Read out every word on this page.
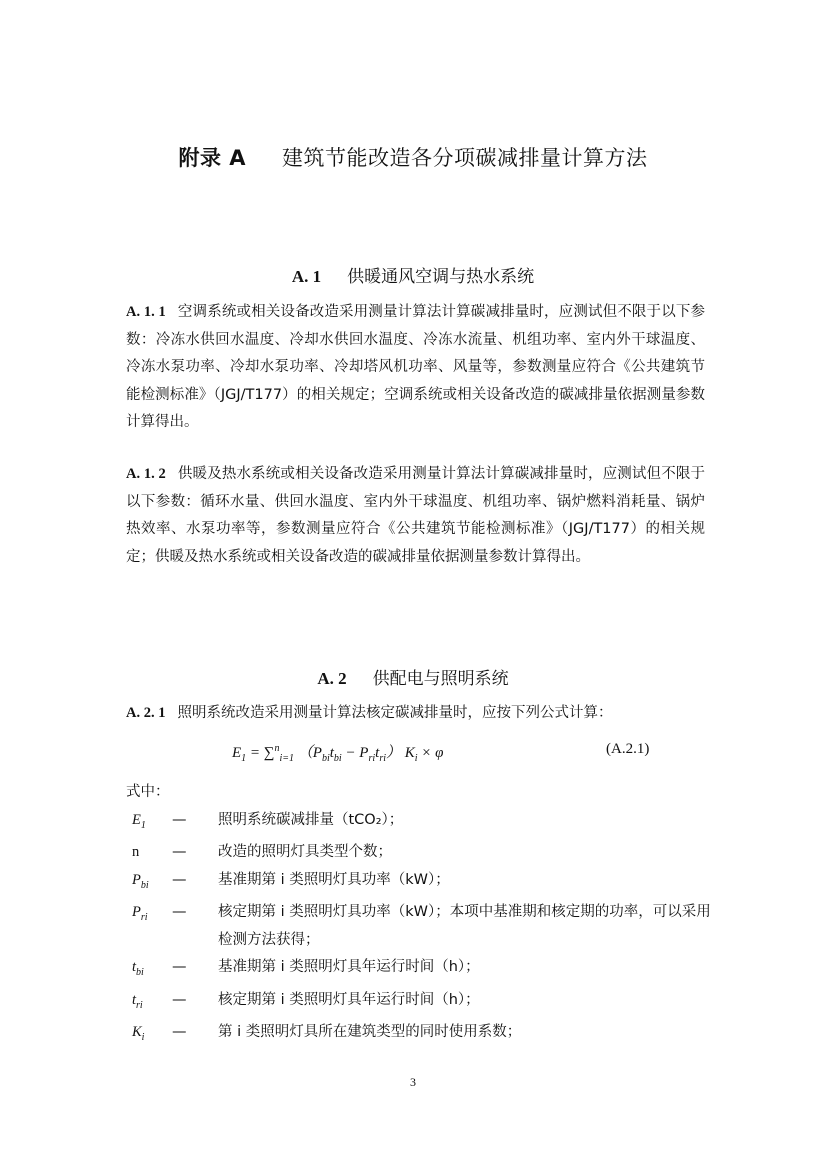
附录 A 建筑节能改造各分项碳减排量计算方法
A. 1 供暖通风空调与热水系统
A. 1. 1 空调系统或相关设备改造采用测量计算法计算碳减排量时，应测试但不限于以下参数：冷冻水供回水温度、冷却水供回水温度、冷冻水流量、机组功率、室内外干球温度、冷冻水泵功率、冷却水泵功率、冷却塔风机功率、风量等，参数测量应符合《公共建筑节能检测标准》（JGJ/T177）的相关规定；空调系统或相关设备改造的碳减排量依据测量参数计算得出。
A. 1. 2 供暖及热水系统或相关设备改造采用测量计算法计算碳减排量时，应测试但不限于以下参数：循环水量、供回水温度、室内外干球温度、机组功率、锅炉燃料消耗量、锅炉热效率、水泵功率等，参数测量应符合《公共建筑节能检测标准》（JGJ/T177）的相关规定；供暖及热水系统或相关设备改造的碳减排量依据测量参数计算得出。
A. 2 供配电与照明系统
A. 2. 1 照明系统改造采用测量计算法核定碳减排量时，应按下列公式计算：
$E_1 = \sum^n_{i=1}$ $(P_{bi}t_{bi} - P_{ri}t_{ri}) K_i \times \varphi$	(A.2.1)
式中：
$E_1$	—	照明系统碳减排量（tCO₂）；
n	—	改造的照明灯具类型个数；
$P_{bi}$	—	基准期第 i 类照明灯具功率（kW）；
$P_{ri}$	—	核定期第 i 类照明灯具功率（kW）；本项中基准期和核定期的功率，可以采用检测方法获得；
$t_{bi}$	—	基准期第 i 类照明灯具年运行时间（h）；
$t_{ri}$	—	核定期第 i 类照明灯具年运行时间（h）；
$K_i$	—	第 i 类照明灯具所在建筑类型的同时使用系数；
3
